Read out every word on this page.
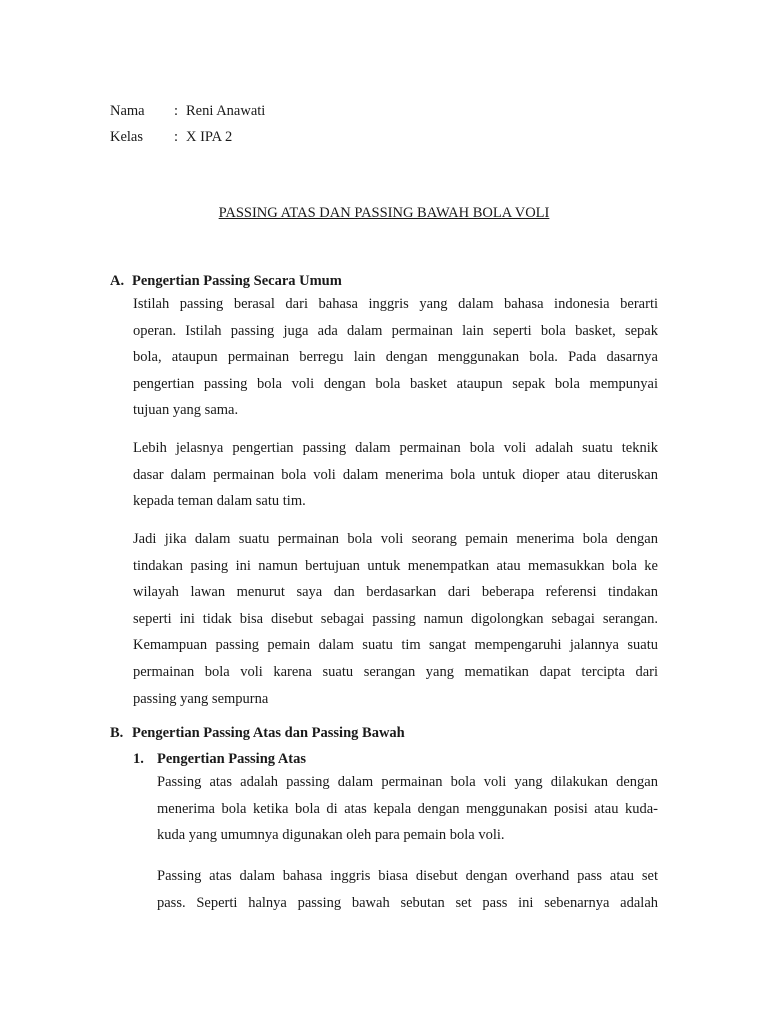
Nama	: Reni Anawati
Kelas	: X IPA 2
PASSING ATAS DAN PASSING BAWAH BOLA VOLI
A. Pengertian Passing Secara Umum
Istilah passing berasal dari bahasa inggris yang dalam bahasa indonesia berarti
operan. Istilah passing juga ada dalam permainan lain seperti bola basket, sepak
bola, ataupun permainan berregu lain dengan menggunakan bola. Pada dasarnya
pengertian passing bola voli dengan bola basket ataupun sepak bola mempunyai
tujuan yang sama.
Lebih jelasnya pengertian passing dalam permainan bola voli adalah suatu teknik
dasar dalam permainan bola voli dalam menerima bola untuk dioper atau diteruskan
kepada teman dalam satu tim.
Jadi jika dalam suatu permainan bola voli seorang pemain menerima bola dengan
tindakan pasing ini namun bertujuan untuk menempatkan atau memasukkan bola ke
wilayah lawan menurut saya dan berdasarkan dari beberapa referensi tindakan
seperti ini tidak bisa disebut sebagai passing namun digolongkan sebagai serangan.
Kemampuan passing pemain dalam suatu tim sangat mempengaruhi jalannya suatu
permainan bola voli karena suatu serangan yang mematikan dapat tercipta dari
passing yang sempurna
B. Pengertian Passing Atas dan Passing Bawah
1. Pengertian Passing Atas
Passing atas adalah passing dalam permainan bola voli yang dilakukan dengan
menerima bola ketika bola di atas kepala dengan menggunakan posisi atau kuda-
kuda yang umumnya digunakan oleh para pemain bola voli.
Passing atas dalam bahasa inggris biasa disebut dengan overhand pass atau set
pass. Seperti halnya passing bawah sebutan set pass ini sebenarnya adalah
